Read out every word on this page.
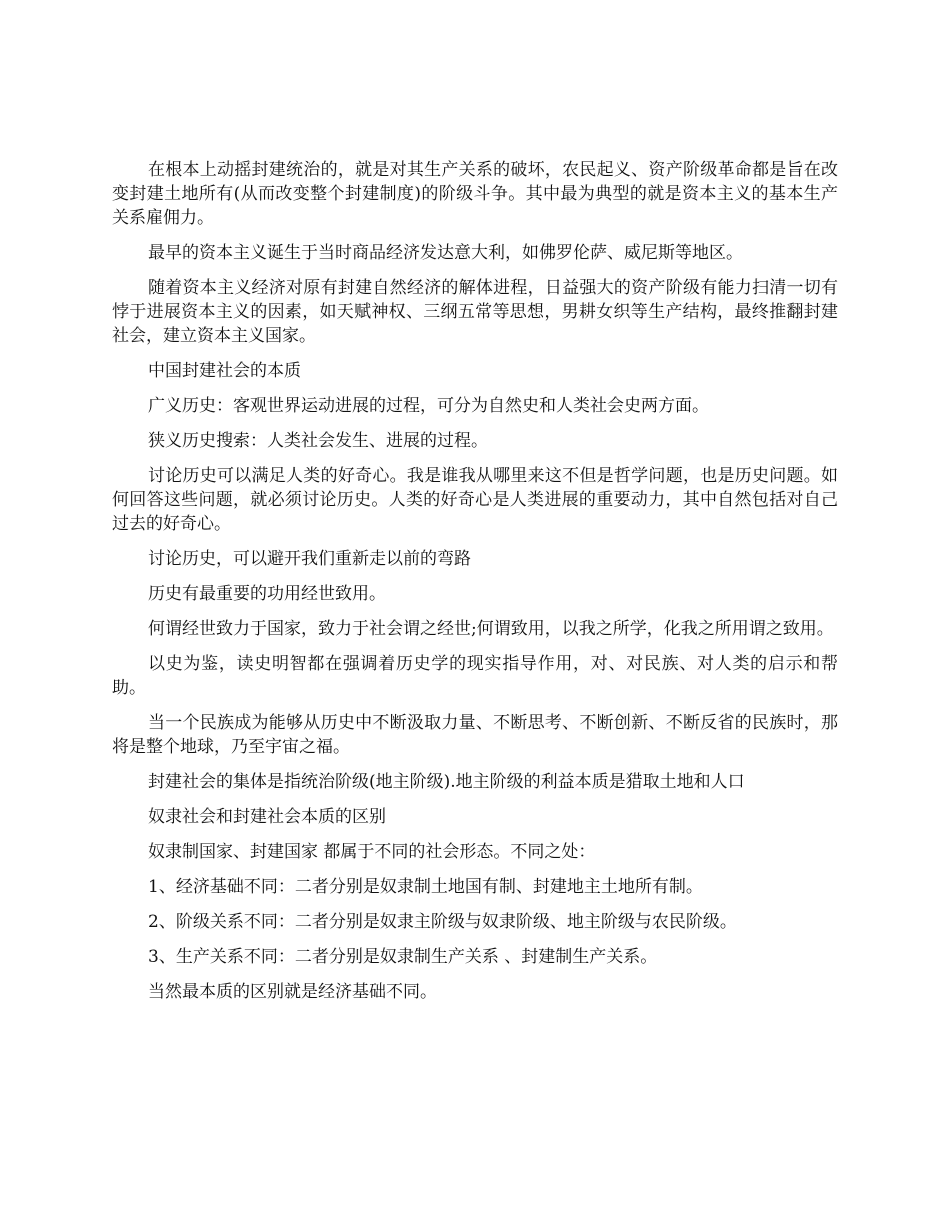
在根本上动摇封建统治的，就是对其生产关系的破坏，农民起义、资产阶级革命都是旨在改变封建土地所有(从而改变整个封建制度)的阶级斗争。其中最为典型的就是资本主义的基本生产关系雇佣力。

最早的资本主义诞生于当时商品经济发达意大利，如佛罗伦萨、威尼斯等地区。

随着资本主义经济对原有封建自然经济的解体进程，日益强大的资产阶级有能力扫清一切有悖于进展资本主义的因素，如天赋神权、三纲五常等思想，男耕女织等生产结构，最终推翻封建社会，建立资本主义国家。

中国封建社会的本质

广义历史：客观世界运动进展的过程，可分为自然史和人类社会史两方面。

狭义历史搜索：人类社会发生、进展的过程。

讨论历史可以满足人类的好奇心。我是谁我从哪里来这不但是哲学问题，也是历史问题。如何回答这些问题，就必须讨论历史。人类的好奇心是人类进展的重要动力，其中自然包括对自己过去的好奇心。

讨论历史，可以避开我们重新走以前的弯路

历史有最重要的功用经世致用。

何谓经世致力于国家，致力于社会谓之经世;何谓致用，以我之所学，化我之所用谓之致用。

以史为鉴，读史明智都在强调着历史学的现实指导作用，对、对民族、对人类的启示和帮助。

当一个民族成为能够从历史中不断汲取力量、不断思考、不断创新、不断反省的民族时，那将是整个地球，乃至宇宙之福。

封建社会的集体是指统治阶级(地主阶级).地主阶级的利益本质是猎取土地和人口

奴隶社会和封建社会本质的区别

奴隶制国家、封建国家 都属于不同的社会形态。不同之处：

1、经济基础不同：二者分别是奴隶制土地国有制、封建地主土地所有制。

2、阶级关系不同：二者分别是奴隶主阶级与奴隶阶级、地主阶级与农民阶级。

3、生产关系不同：二者分别是奴隶制生产关系 、封建制生产关系。

当然最本质的区别就是经济基础不同。
